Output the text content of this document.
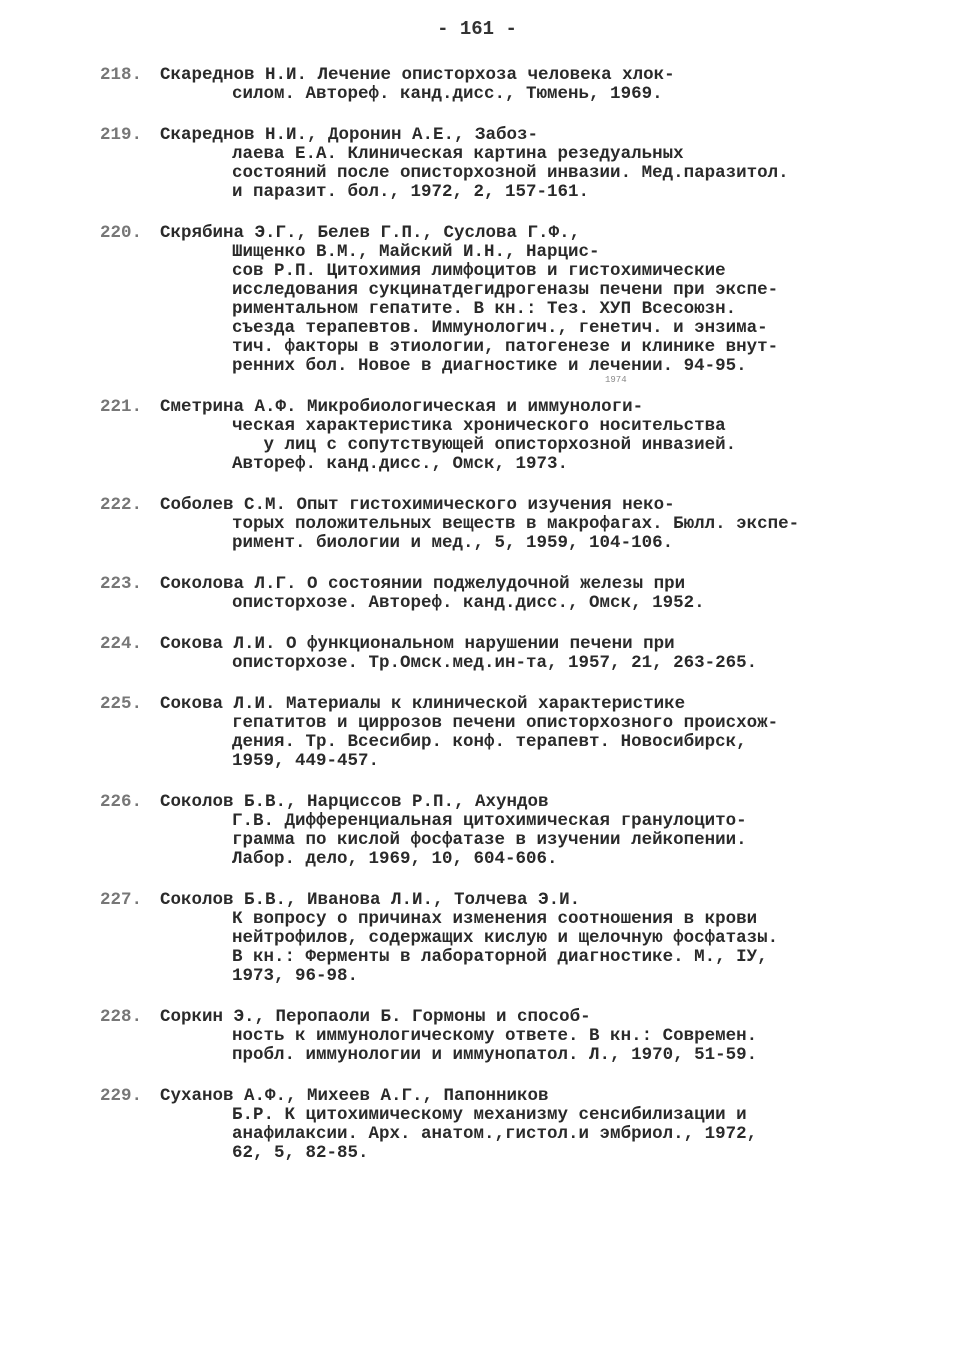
- 161 -
218. Скареднов Н.И. Лечение описторхоза человека хлок-
силом. Автореф. канд.дисс., Тюмень, 1969.
219. Скареднов Н.И., Доронин А.Е., Забоз-
лаева Е.А. Клиническая картина резедуальных
состояний после описторхозной инвазии. Мед.паразитол.
и паразит. бол., 1972, 2, 157-161.
220. Скрябина Э.Г., Белев Г.П., Суслова Г.Ф.,
Шищенко В.М., Майский И.Н., Нарцис-
сов Р.П. Цитохимия лимфоцитов и гистохимические
исследования сукцинатдегидрогеназы печени при экспе-
риментальном гепатите. В кн.: Тез. XУП Всесоюзн.
съезда терапевтов. Иммунологич., генетич. и энзима-
тич. факторы в этиологии, патогенезе и клинике внут-
ренних бол. Новое в диагностике и лечении. 94-95.
221. Сметрина А.Ф. Микробиологическая и иммунологи-
ческая характеристика хронического носительства
у лиц с сопутствующей описторхозной инвазией.
Автореф. канд.дисс., Омск, 1973.
222. Соболев С.М. Опыт гистохимического изучения неко-
торых положительных веществ в макрофагах. Бюлл. экспе-
римент. биологии и мед., 5, 1959, 104-106.
223. Соколова Л.Г. О состоянии поджелудочной железы при
описторхозе. Автореф. канд.дисс., Омск, 1952.
224. Сокова Л.И. О функциональном нарушении печени при
описторхозе. Тр.Омск.мед.ин-та, 1957, 21, 263-265.
225. Сокова Л.И. Материалы к клинической характеристике
гепатитов и циррозов печени описторхозного происхож-
дения. Тр. Всесибир. конф. терапевт. Новосибирск,
1959, 449-457.
226. Соколов Б.В., Нарциссов Р.П., Ахундов
Г.В. Дифференциальная цитохимическая гранулоцито-
грамма по кислой фосфатазе в изучении лейкопении.
Лабор. дело, 1969, 10, 604-606.
227. Соколов Б.В., Иванова Л.И., Толчева Э.И.
К вопросу о причинах изменения соотношения в крови
нейтрофилов, содержащих кислую и щелочную фосфатазы.
В кн.: Ферменты в лабораторной диагностике. М., IУ,
1973, 96-98.
228. Соркин Э., Перопаоли Б. Гормоны и способ-
ность к иммунологическому ответе. В кн.: Современ.
пробл. иммунологии и иммунопатол. Л., 1970, 51-59.
229. Суханов А.Ф., Михеев А.Г., Папонников
Б.Р. К цитохимическому механизму сенсибилизации и
анафилаксии. Арх. анатом.,гистол.и эмбриол., 1972,
62, 5, 82-85.
1974
